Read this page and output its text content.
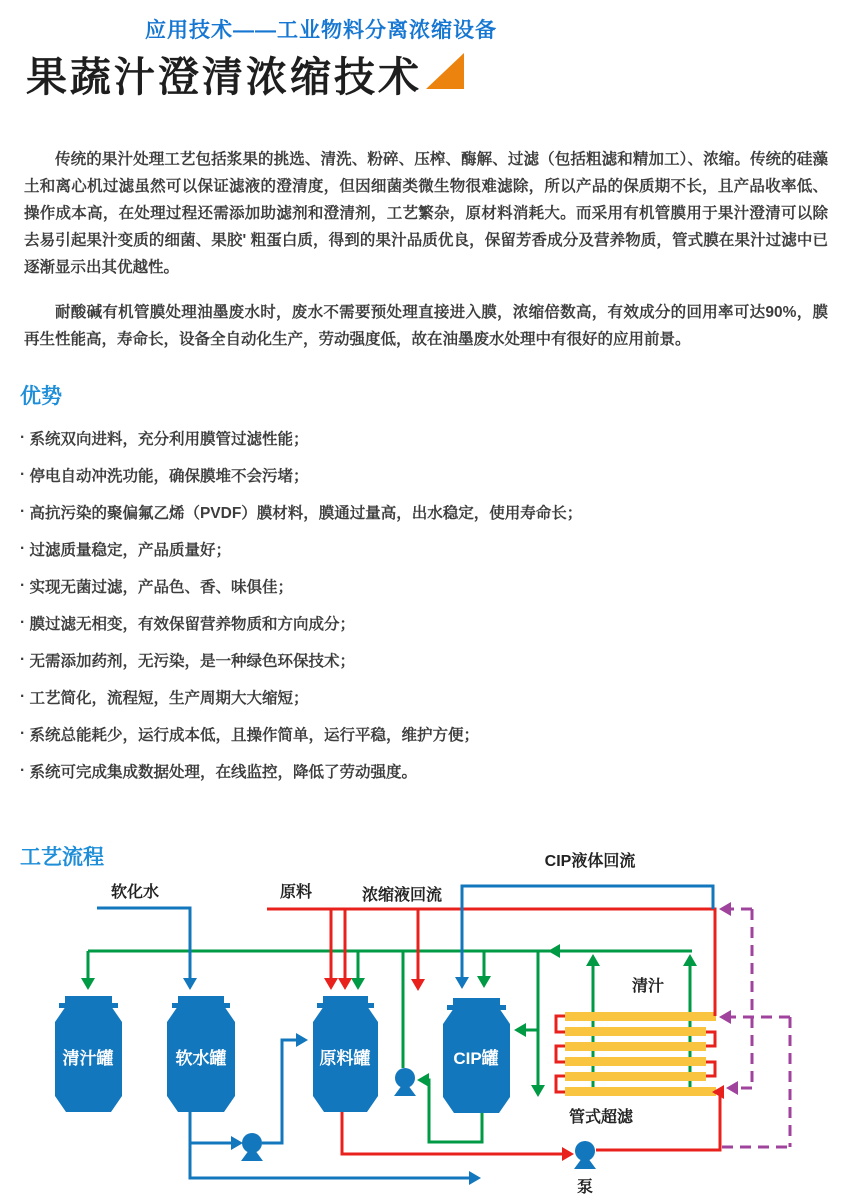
应用技术——工业物料分离浓缩设备
果蔬汁澄清浓缩技术

传统的果汁处理工艺包括浆果的挑选、清洗、粉碎、压榨、酶解、过滤（包括粗滤和精加工）、浓缩。传统的硅藻土和离心机过滤虽然可以保证滤液的澄清度，但因细菌类微生物很难滤除，所以产品的保质期不长，且产品收率低、操作成本高，在处理过程还需添加助滤剂和澄清剂，工艺繁杂，原材料消耗大。而采用有机管膜用于果汁澄清可以除去易引起果汁变质的细菌、果胶' 粗蛋白质，得到的果汁品质优良，保留芳香成分及营养物质，管式膜在果汁过滤中已逐渐显示出其优越性。

耐酸碱有机管膜处理油墨废水时，废水不需要预处理直接进入膜，浓缩倍数高，有效成分的回用率可达90%，膜再生性能高，寿命长，设备全自动化生产，劳动强度低，故在油墨废水处理中有很好的应用前景。

优势
· 系统双向进料，充分利用膜管过滤性能；
· 停电自动冲洗功能，确保膜堆不会污堵；
· 高抗污染的聚偏氟乙烯（PVDF）膜材料，膜通过量高，出水稳定，使用寿命长；
· 过滤质量稳定，产品质量好；
· 实现无菌过滤，产品色、香、味俱佳；
· 膜过滤无相变，有效保留营养物质和方向成分；
· 无需添加药剂，无污染，是一种绿色环保技术；
· 工艺简化，流程短，生产周期大大缩短；
· 系统总能耗少，运行成本低，且操作简单，运行平稳，维护方便；
· 系统可完成集成数据处理，在线监控，降低了劳动强度。
工艺流程
清汁罐	软水罐	原料罐	CIP罐
软化水	原料	浓缩液回流
CIP液体回流
清汁
管式超滤
泵
